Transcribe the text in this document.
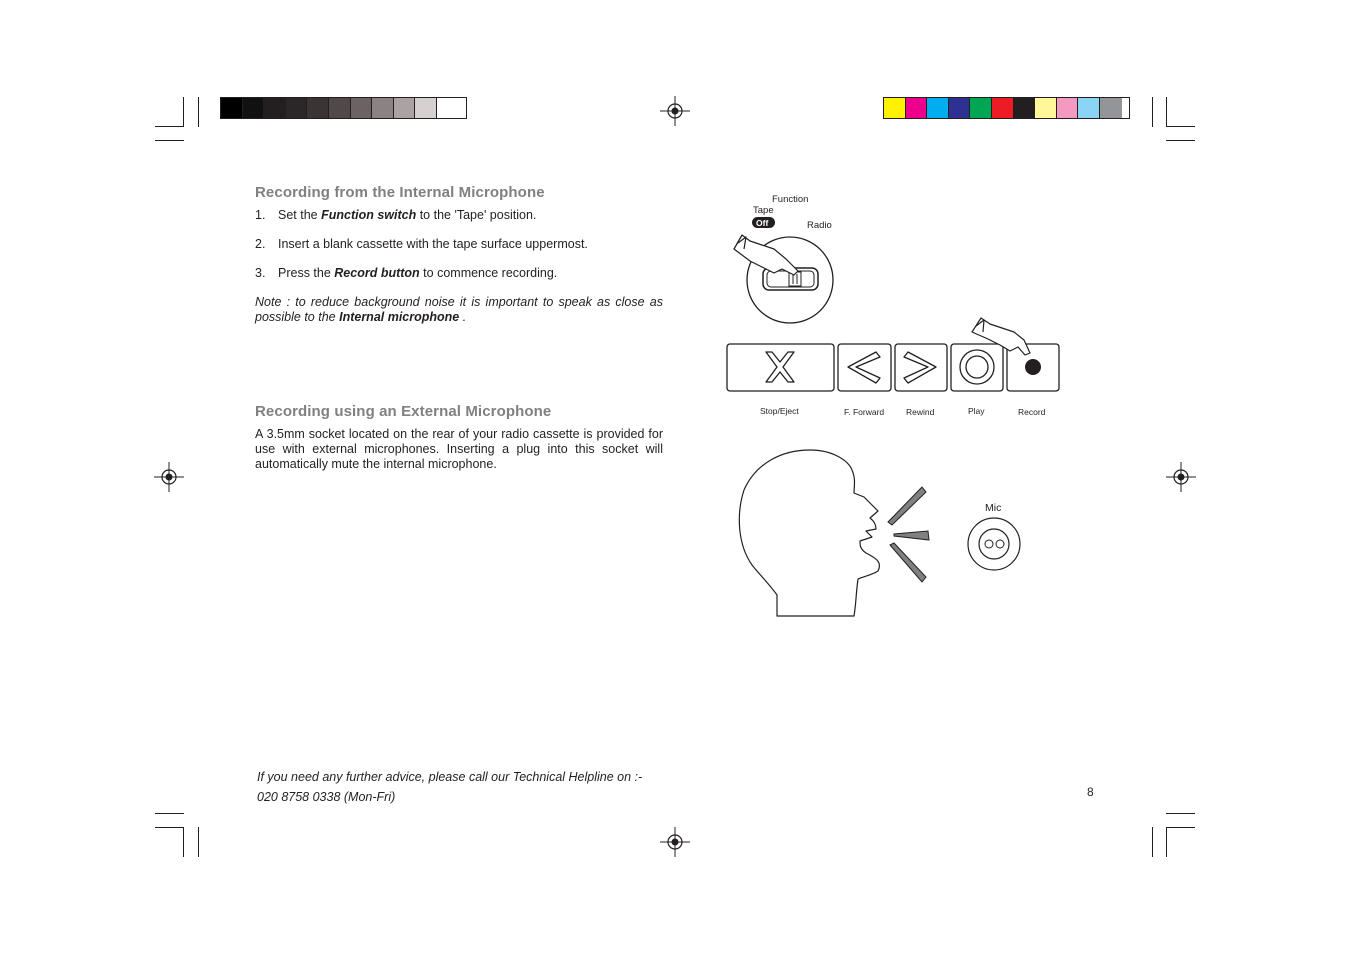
Recording from the Internal Microphone
1. Set the Function switch to the 'Tape' position.
2. Insert a blank cassette with the tape surface uppermost.
3. Press the Record button to commence recording.

Note : to reduce background noise it is important to speak as close as possible to the Internal microphone .

Recording using an External Microphone

A 3.5mm socket located on the rear of your radio cassette is provided for use with external microphones. Inserting a plug into this socket will automatically mute the internal microphone.

Function
Tape
Off	Radio
Stop/Eject	F. Forward	Rewind	Play	Record
Mic
If you need any further advice, please call our Technical Helpline on :-
020 8758 0338 (Mon-Fri)	8
